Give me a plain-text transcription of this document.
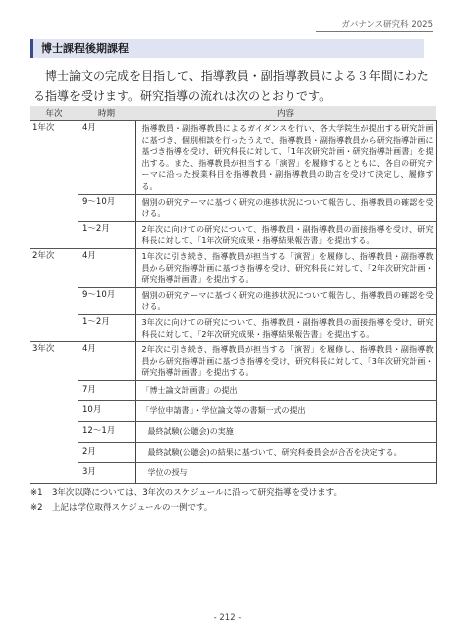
ガバナンス研究科 2025
博士課程後期課程

博士論文の完成を目指して、指導教員・副指導教員による３年間にわたる指導を受けます。研究指導の流れは次のとおりです。

年次	時期	内容
1年次	4月	指導教員・副指導教員によるガイダンスを行い、各大学院生が提出する研究計画に基づき、個別相談を行ったうえで、指導教員・副指導教員から研究指導計画に基づき指導を受け、研究科長に対して、「1年次研究計画・研究指導計画書」を提出する。また、指導教員が担当する「演習」を履修するとともに、各自の研究テーマに沿った授業科目を指導教員・副指導教員の助言を受けて決定し、履修する。
	9～10月	個別の研究テーマに基づく研究の進捗状況について報告し、指導教員の確認を受ける。
	1～2月	2年次に向けての研究について、指導教員・副指導教員の面接指導を受け、研究科長に対して、「1年次研究成果・指導結果報告書」を提出する。
2年次	4月	1年次に引き続き、指導教員が担当する「演習」を履修し、指導教員・副指導教員から研究指導計画に基づき指導を受け、研究科長に対して、「2年次研究計画・研究指導計画書」を提出する。
	9～10月	個別の研究テーマに基づく研究の進捗状況について報告し、指導教員の確認を受ける。
	1～2月	3年次に向けての研究について、指導教員・副指導教員の面接指導を受け、研究科長に対して、「2年次研究成果・指導結果報告書」を提出する。
3年次	4月	2年次に引き続き、指導教員が担当する「演習」を履修し、指導教員・副指導教員から研究指導計画に基づき指導を受け、研究科長に対して、「3年次研究計画・研究指導計画書」を提出する。
	7月	「博士論文計画書」の提出
	10月	「学位申請書」・学位論文等の書類一式の提出
	12～1月	最終試験(公聴会)の実施
	2月	最終試験(公聴会)の結果に基づいて、研究科委員会が合否を決定する。
	3月	学位の授与
※1	3年次以降については、3年次のスケジュールに沿って研究指導を受けます。
※2	上記は学位取得スケジュールの一例です。
- 212 -
